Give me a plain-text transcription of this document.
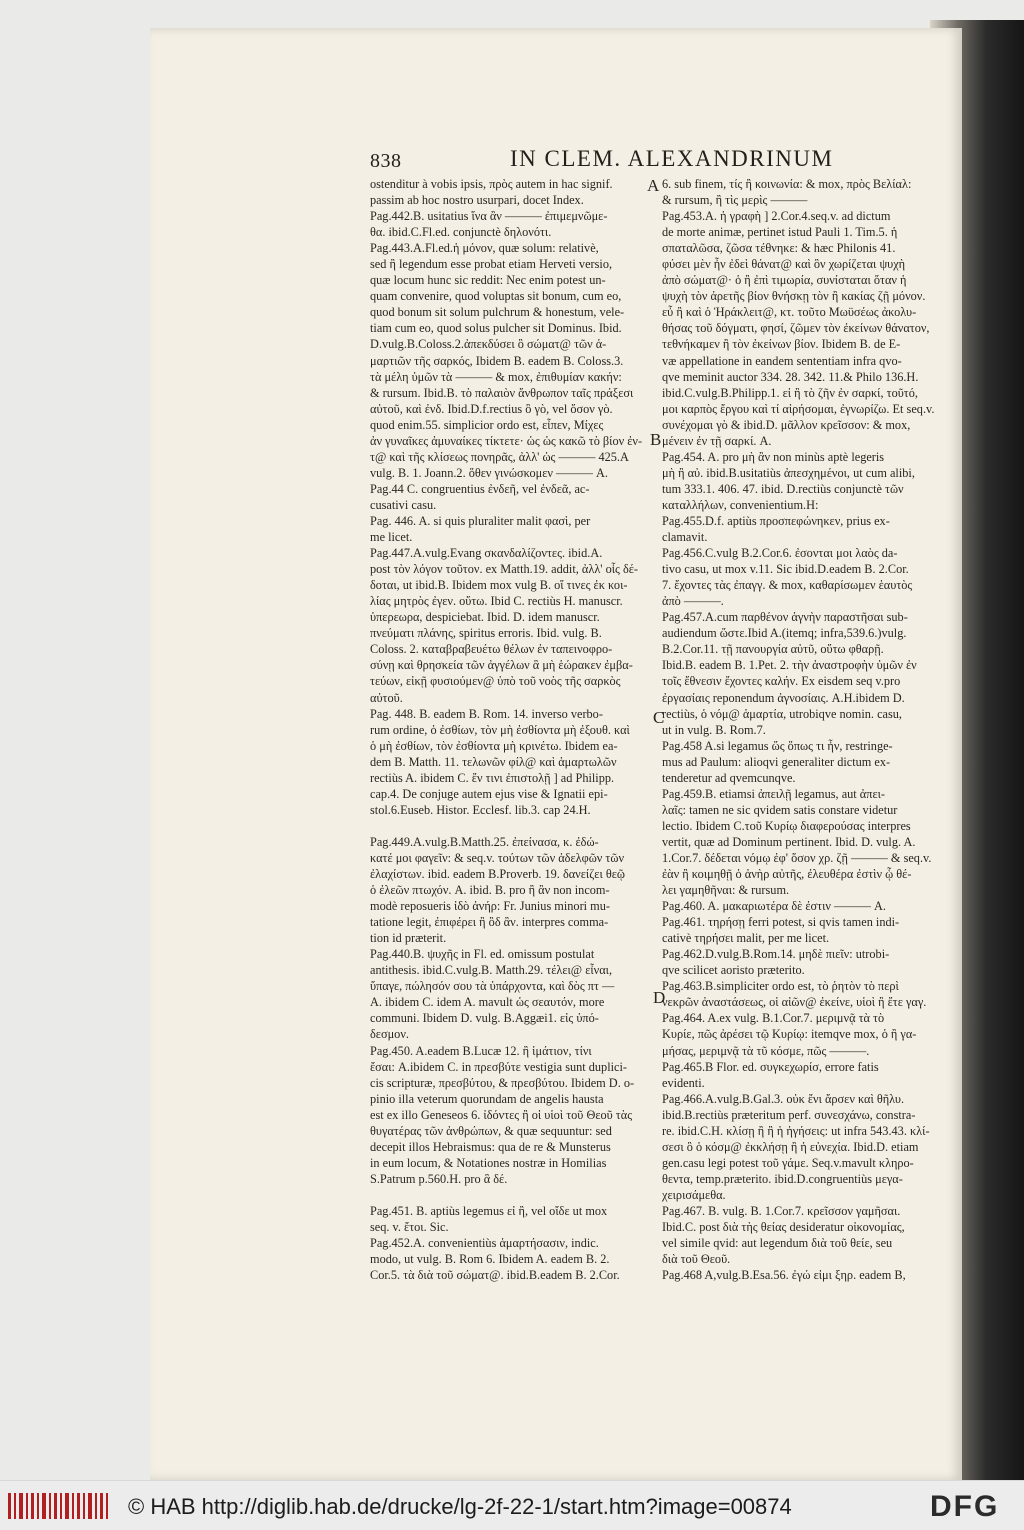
838	IN CLEM. ALEXANDRINUM
A
B
C
D
ostenditur à vobis ipsis, πρὸς autem in hac signif.
passim ab hoc nostro usurpari, docet Index.
Pag.442.B. usitatius ἵνα ἂν ——— ἐπιμεμνῶμε-
θα. ibid.C.Fl.ed. conjunctè δηλονότι.
Pag.443.A.Fl.ed.ἡ μόνον, quæ solum: relativè,
sed ἢ legendum esse probat etiam Herveti versio,
quæ locum hunc sic reddit: Nec enim potest un-
quam convenire, quod voluptas sit bonum, cum eo,
quod bonum sit solum pulchrum & honestum, vele-
tiam cum eo, quod solus pulcher sit Dominus. Ibid.
D.vulg.B.Coloss.2.ἀπεκδύσει ὃ σώματ@ τῶν ἁ-
μαρτιῶν τῆς σαρκός, Ibidem B. eadem B. Coloss.3.
τὰ μέλη ὑμῶν τὰ ——— & mox, ἐπιθυμίαν κακήν:
& rursum. Ibid.B. τὸ παλαιὸν ἄνθρωπον ταῖς πράξεσι
αὐτοῦ, καὶ ἐνδ. Ibid.D.f.rectius ὃ γὸ, vel ὅσον γὸ.
quod enim.55. simplicior ordo est, εἶπεν, Μίχες
ἀν γυναῖκες ἀμυναίκες τίκτετε· ὡς ὡς κακῶ τὸ βίον ἐν-
τ@ καὶ τῆς κλίσεως πονηρᾶς, ἀλλ' ὡς ——— 425.A
vulg. B. 1. Joann.2. ὅθεν γινώσκομεν ——— A.
Pag.44 C. congruentius ἐνδεῆ, vel ἐνδεᾶ, ac-
cusativi casu.
Pag. 446. A. si quis pluraliter malit φασὶ, per
me licet.
Pag.447.A.vulg.Evang σκανδαλίζοντες. ibid.A.
post τὸν λόγον τοῦτον. ex Matth.19. addit, ἀλλ' οἷς δέ-
δοται, ut ibid.B. Ibidem mox vulg B. οἵ τινες ἐκ κοι-
λίας μητρὸς ἐγεν. οὕτω. Ibid C. rectiùs H. manuscr.
ὑπερεωρα, despiciebat. Ibid. D. idem manuscr.
πνεύματι πλάνης, spiritus erroris. Ibid. vulg. B.
Coloss. 2. καταβραβευέτω θέλων ἐν ταπεινοφρο-
σύνῃ καὶ θρησκεία τῶν ἀγγέλων ἃ μὴ ἑώρακεν ἐμβα-
τεύων, εἰκῇ φυσιούμεν@ ὑπὸ τοῦ νοὸς τῆς σαρκὸς
αὐτοῦ.
Pag. 448. B. eadem B. Rom. 14. inverso verbo-
rum ordine, ὁ ἐσθίων, τὸν μὴ ἐσθίοντα μὴ ἐξουθ. καὶ
ὁ μὴ ἐσθίων, τὸν ἐσθίοντα μὴ κρινέτω. Ibidem ea-
dem B. Matth. 11. τελωνῶν φίλ@ καὶ ἁμαρτωλῶν
rectiùs A. ibidem C. ἔν τινι ἐπιστολῇ ] ad Philipp.
cap.4. De conjuge autem ejus vise & Ignatii epi-
stol.6.Euseb. Histor. Ecclesf. lib.3. cap 24.H.

Pag.449.A.vulg.B.Matth.25. ἐπείνασα, κ. ἐδώ-
κατέ μοι φαγεῖν: & seq.v. τούτων τῶν ἀδελφῶν τῶν
ἐλαχίστων. ibid. eadem B.Proverb. 19. δανείζει θεῷ
ὁ ἐλεῶν πτωχόν. A. ibid. B. pro ἢ ἂν non incom-
modè reposueris ἰδὸ ἀνήρ: Fr. Junius minori mu-
tatione legit, ἐπιφέρει ἢ ὃδ ἂν. interpres comma-
tion id præterit.
Pag.440.B. ψυχῆς in Fl. ed. omissum postulat
antithesis. ibid.C.vulg.B. Matth.29. τέλει@ εἶναι,
ὕπαγε, πώλησόν σου τὰ ὑπάρχοντα, καὶ δὸς πτ —
A. ibidem C. idem A. mavult ὡς σεαυτόν, more
communi. Ibidem D. vulg. B.Aggæi1. εἰς ὑπό-
δεσμον.
Pag.450. A.eadem B.Lucæ 12. ἢ ἱμάτιον, τίνι
ἔσαι: A.ibidem C. in πρεσβύτε vestigia sunt duplici-
cis scripturæ, πρεσβύτου, & πρεσβύτου. Ibidem D. o-
pinio illa veterum quorundam de angelis hausta
est ex illo Geneseos 6. ἰδόντες ἢ οἱ υἱοὶ τοῦ Θεοῦ τὰς
θυγατέρας τῶν ἀνθρώπων, & quæ sequuntur: sed
decepit illos Hebraismus: qua de re & Munsterus
in eum locum, & Notationes nostræ in Homilias
S.Patrum p.560.H. pro ἃ δέ.

Pag.451. B. aptiùs legemus εἰ ἢ, vel οἴδε ut mox
seq. v. ἔτοι. Sic.
Pag.452.A. convenientiùs ἁμαρτήσασιν, indic.
modo, ut vulg. B. Rom 6. Ibidem A. eadem B. 2.
Cor.5. τὰ διὰ τοῦ σώματ@. ibid.B.eadem B. 2.Cor.
6. sub finem, τίς ἢ κοινωνία: & mox, πρὸς Βελίαλ:
& rursum, ἢ τὶς μερὶς ———
Pag.453.A. ἡ γραφὴ ] 2.Cor.4.seq.v. ad dictum
de morte animæ, pertinet istud Pauli 1. Tim.5. ἡ
σπαταλῶσα, ζῶσα τέθνηκε: & hæc Philonis 41.
φύσει μὲν ἦν ἐδεὶ θάνατ@ καὶ ὃν χωρίζεται ψυχὴ
ἀπὸ σώματ@· ὁ ἢ ἐπὶ τιμωρία, συνίσταται ὅταν ἡ
ψυχὴ τὸν ἀρετῆς βίον θνήσκῃ τὸν ἢ κακίας ζῇ μόνον.
εὖ ἢ καὶ ὁ Ἡράκλειτ@, κτ. τοῦτο Μωϋσέως ἀκολυ-
θήσας τοῦ δόγματι, φησί, ζῶμεν τὸν ἐκείνων θάνατον,
τεθνήκαμεν ἢ τὸν ἐκείνων βίον. Ibidem B. de E-
væ appellatione in eandem sententiam infra qvo-
qve meminit auctor 334. 28. 342. 11.& Philo 136.H.
ibid.C.vulg.B.Philipp.1. εἰ ἢ τὸ ζῆν ἐν σαρκί, τοῦτό,
μοι καρπὸς ἔργου καὶ τί αἱρήσομαι, ἐγνωρίζω. Et seq.v.
συνέχομαι γὸ & ibid.D. μᾶλλον κρεῖσσον: & mox,
μένειν ἐν τῇ σαρκί. A.
Pag.454. A. pro μὴ ἂν non minùs aptè legeris
μὴ ἢ αὐ. ibid.B.usitatiùs ἀπεσχημένοι, ut cum alibi,
tum 333.1. 406. 47. ibid. D.rectiùs conjunctè τῶν
καταλλήλων, convenientium.H:
Pag.455.D.f. aptiùs προσπεφώνηκεν, prius ex-
clamavit.
Pag.456.C.vulg B.2.Cor.6. ἐσονται μοι λαὸς da-
tivo casu, ut mox v.11. Sic ibid.D.eadem B. 2.Cor.
7. ἔχοντες τὰς ἐπαγγ. & mox, καθαρίσωμεν ἑαυτὸς
ἀπὸ ———.
Pag.457.A.cum παρθένον ἁγνὴν παραστῆσαι sub-
audiendum ὥστε.Ibid A.(itemq; infra,539.6.)vulg.
B.2.Cor.11. τῇ πανουργία αὐτῦ, οὕτω φθαρῇ.
Ibid.B. eadem B. 1.Pet. 2. τὴν ἀναστροφὴν ὑμῶν ἐν
τοῖς ἔθνεσιν ἔχοντες καλήν. Ex eisdem seq v.pro
ἐργασίαις reponendum ἀγνοσίαις. A.H.ibidem D.
rectiùs, ὁ νόμ@ ἁμαρτία, utrobiqve nomin. casu,
ut in vulg. B. Rom.7.
Pag.458 A.si legamus ὥς ὅπως τι ἦν, restringe-
mus ad Paulum: alioqvi generaliter dictum ex-
tenderetur ad qvemcunqve.
Pag.459.B. etiamsi ἀπειλῇ legamus, aut ἀπει-
λαῖς: tamen ne sic qvidem satis constare videtur
lectio. Ibidem C.τοῦ Κυρίῳ διαφερούσας interpres
vertit, quæ ad Dominum pertinent. Ibid. D. vulg. A.
1.Cor.7. δέδεται νόμῳ ἐφ' ὅσον χρ. ζῇ ——— & seq.v.
ἐὰν ἢ κοιμηθῇ ὁ ἀνὴρ αὐτῆς, ἐλευθέρα ἐστὶν ᾧ θέ-
λει γαμηθῆναι: & rursum.
Pag.460. A. μακαριωτέρα δὲ ἐστιν ——— A.
Pag.461. τηρήσῃ ferri potest, si qvis tamen indi-
cativè τηρήσει malit, per me licet.
Pag.462.D.vulg.B.Rom.14. μηδὲ πιεῖν: utrobi-
qve scilicet aoristo præterito.
Pag.463.B.simpliciter ordo est, τὸ ῥητὸν τὸ περὶ
νεκρῶν ἀναστάσεως, οἱ αἰῶν@ ἐκείνε, υἱοὶ ἢ ἔτε γαγ.
Pag.464. A.ex vulg. B.1.Cor.7. μεριμνᾷ τὰ τὸ
Κυρίε, πῶς ἀρέσει τῷ Κυρίῳ: itemqve mox, ὁ ἢ γα-
μήσας, μεριμνᾷ τὰ τῦ κόσμε, πῶς ———.
Pag.465.B Flor. ed. συγκεχωρίσ, errore fatis
evidenti.
Pag.466.A.vulg.B.Gal.3. οὐκ ἔνι ἄρσεν καὶ θῆλυ.
ibid.B.rectiùs præteritum perf. συνεσχάνω, constra-
re. ibid.C.H. κλίσῃ ἢ ἢ ἡ ἡγήσεις: ut infra 543.43. κλί-
σεσι ὃ ὁ κόσμ@ ἐκκλήσῃ ἢ ἡ εὐνεχία. Ibid.D. etiam
gen.casu legi potest τοῦ γάμε. Seq.v.mavult κληρο-
θεντα, temp.præterito. ibid.D.congruentiùs μεγα-
χειρισάμεθα.
Pag.467. B. vulg. B. 1.Cor.7. κρεῖσσον γαμῆσαι.
Ibid.C. post διὰ τὴς θείας desideratur οἰκονομίας,
vel simile qvid: aut legendum διὰ τοῦ θείε, seu
διὰ τοῦ Θεοῦ.
Pag.468 A,vulg.B.Esa.56. ἐγώ εἰμι ξηρ. eadem B,
© HAB http://diglib.hab.de/drucke/lg-2f-22-1/start.htm?image=00874	DFG
